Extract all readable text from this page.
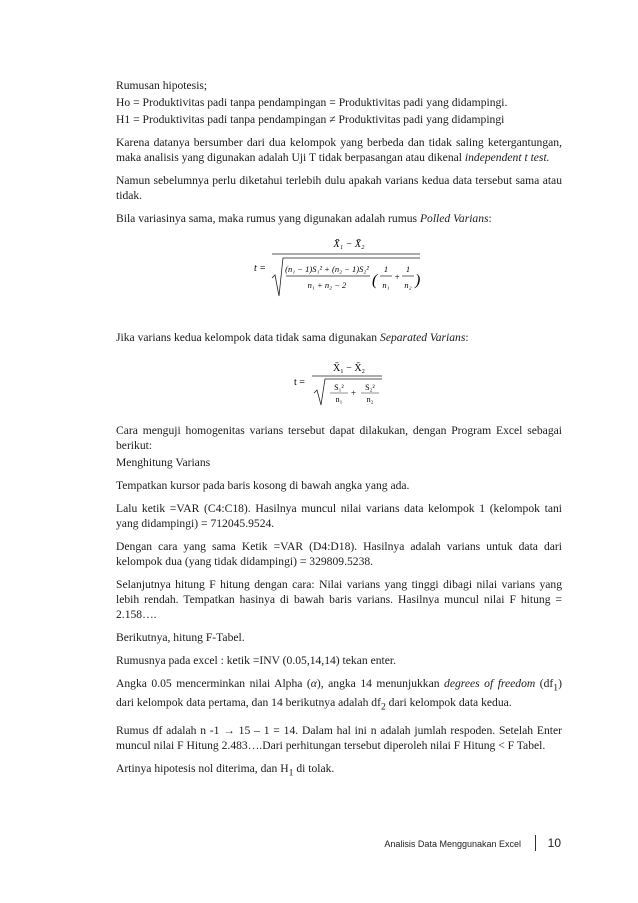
Rumusan hipotesis;

Ho = Produktivitas padi tanpa pendampingan = Produktivitas padi yang didampingi.

H1 = Produktivitas padi tanpa pendampingan ≠ Produktivitas padi yang didampingi

Karena datanya bersumber dari dua kelompok yang berbeda dan tidak saling ketergantungan, maka analisis yang digunakan adalah Uji T tidak berpasangan atau dikenal independent t test.

Namun sebelumnya perlu diketahui terlebih dulu apakah varians kedua data tersebut sama atau tidak.

Bila variasinya sama, maka rumus yang digunakan adalah rumus Polled Varians:

t =
X̄₁ − X̄₂
(n₁ − 1)S₁² + (n₂ − 1)S₂²
n₁ + n₂ − 2 (
1
n₁
+
1
n₂ )

Jika varians kedua kelompok data tidak sama digunakan Separated Varians:

t =
X̄₁ − X̄₂
S₁²
n₁
+
S₂²
n₂

Cara menguji homogenitas varians tersebut dapat dilakukan, dengan Program Excel sebagai berikut:

Menghitung Varians

Tempatkan kursor pada baris kosong di bawah angka yang ada.

Lalu ketik =VAR (C4:C18). Hasilnya muncul nilai varians data kelompok 1 (kelompok tani yang didampingi) = 712045.9524.

Dengan cara yang sama Ketik =VAR (D4:D18). Hasilnya adalah varians untuk data dari kelompok dua (yang tidak didampingi) = 329809.5238.

Selanjutnya hitung F hitung dengan cara: Nilai varians yang tinggi dibagi nilai varians yang lebih rendah. Tempatkan hasinya di bawah baris varians. Hasilnya muncul nilai F hitung = 2.158….

Berikutnya, hitung F-Tabel.

Rumusnya pada excel : ketik =INV (0.05,14,14) tekan enter.

Angka 0.05 mencerminkan nilai Alpha (α), angka 14 menunjukkan degrees of freedom $(df_1)$ dari kelompok data pertama, dan 14 berikutnya adalah $df_2$ dari kelompok data kedua.

Rumus df adalah n -1 → 15 – 1 = 14. Dalam hal ini n adalah jumlah respoden. Setelah Enter muncul nilai F Hitung 2.483….Dari perhitungan tersebut diperoleh nilai F Hitung < F Tabel.

Artinya hipotesis nol diterima, dan $H_1$ di tolak.

Analisis Data Menggunakan Excel 10
